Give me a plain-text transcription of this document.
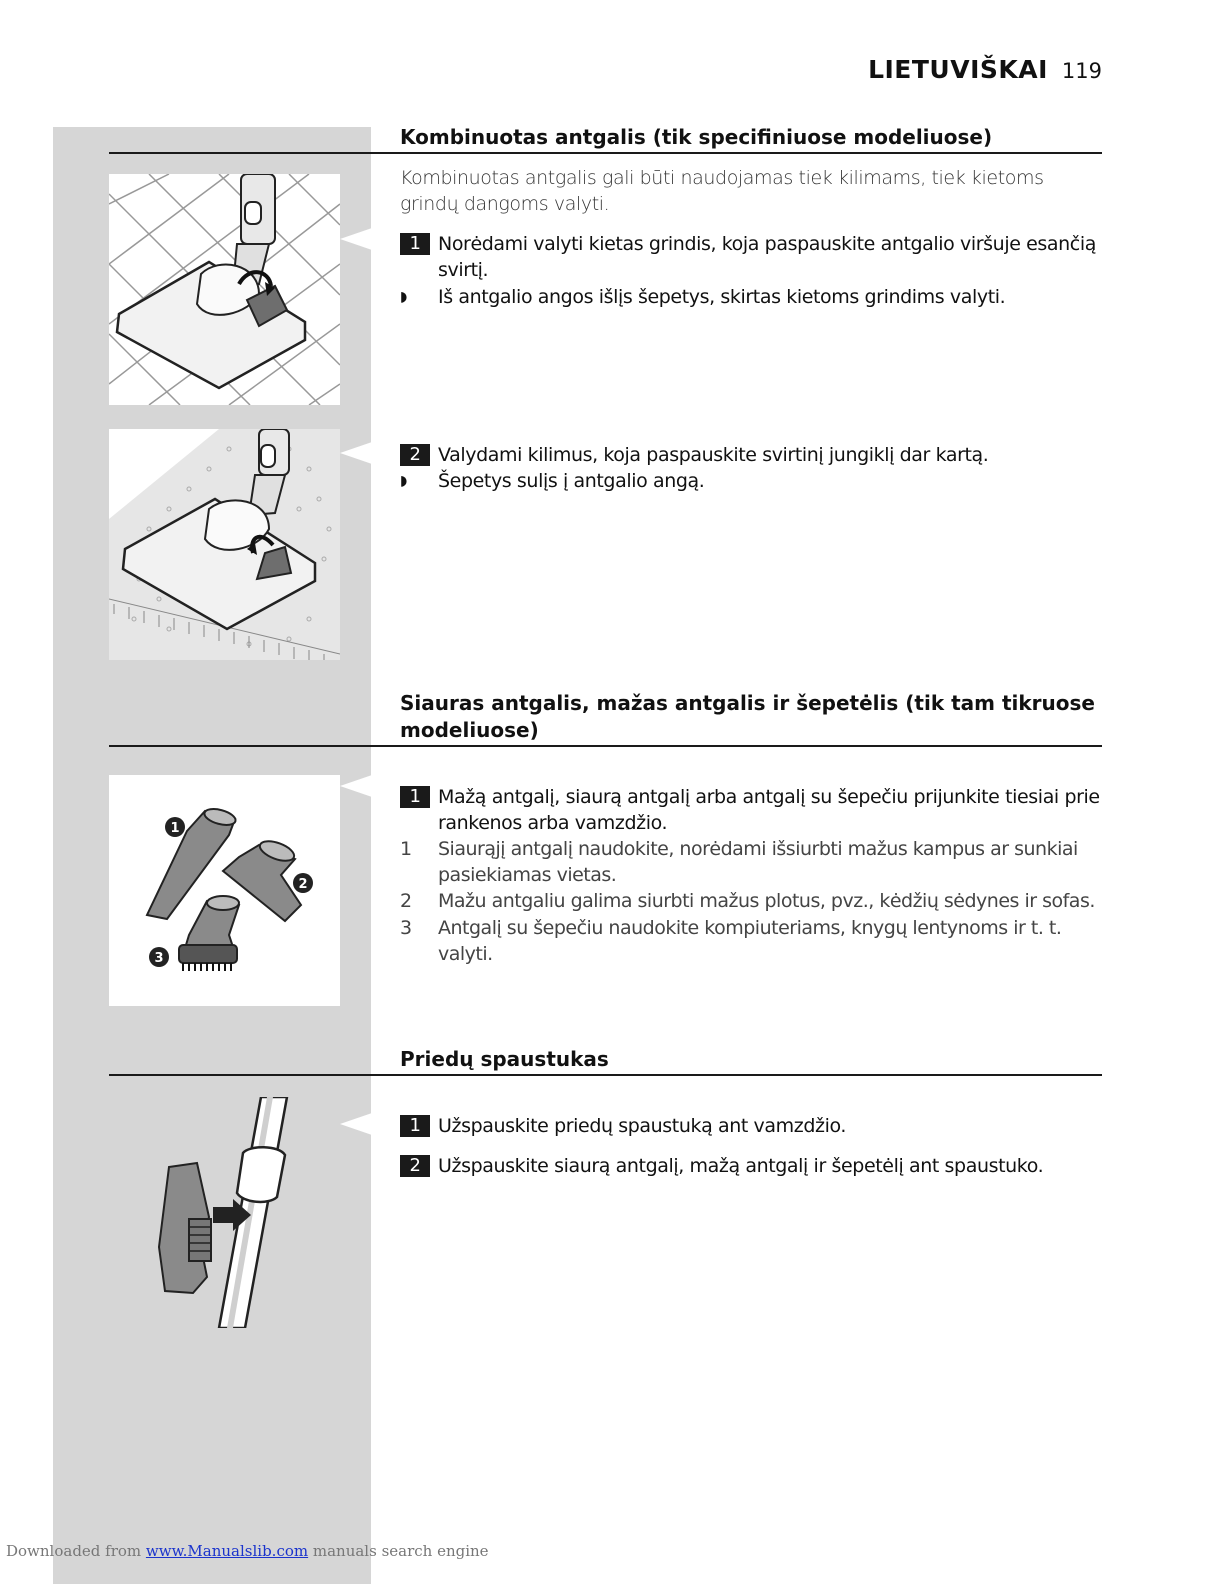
LIETUVIŠKAI 119
Kombinuotas antgalis (tik specifiniuose modeliuose)
Kombinuotas antgalis gali būti naudojamas tiek kilimams, tiek kietoms grindų dangoms valyti.
1 Norėdami valyti kietas grindis, koja paspauskite antgalio viršuje esančią svirtį.
◗	Iš antgalio angos išlįs šepetys, skirtas kietoms grindims valyti.
2 Valydami kilimus, koja paspauskite svirtinį jungiklį dar kartą.
◗	Šepetys sulįs į antgalio angą.
Siauras antgalis, mažas antgalis ir šepetėlis (tik tam tikruose modeliuose)
1 Mažą antgalį, siaurą antgalį arba antgalį su šepečiu prijunkite tiesiai prie rankenos arba vamzdžio.
1	Siaurąjį antgalį naudokite, norėdami išsiurbti mažus kampus ar sunkiai pasiekiamas vietas.
2	Mažu antgaliu galima siurbti mažus plotus, pvz., kėdžių sėdynes ir sofas.
3	Antgalį su šepečiu naudokite kompiuteriams, knygų lentynoms ir t. t. valyti.
1
2
3
Priedų spaustukas
1 Užspauskite priedų spaustuką ant vamzdžio.
2 Užspauskite siaurą antgalį, mažą antgalį ir šepetėlį ant spaustuko.
Downloaded from www.Manualslib.com manuals search engine
